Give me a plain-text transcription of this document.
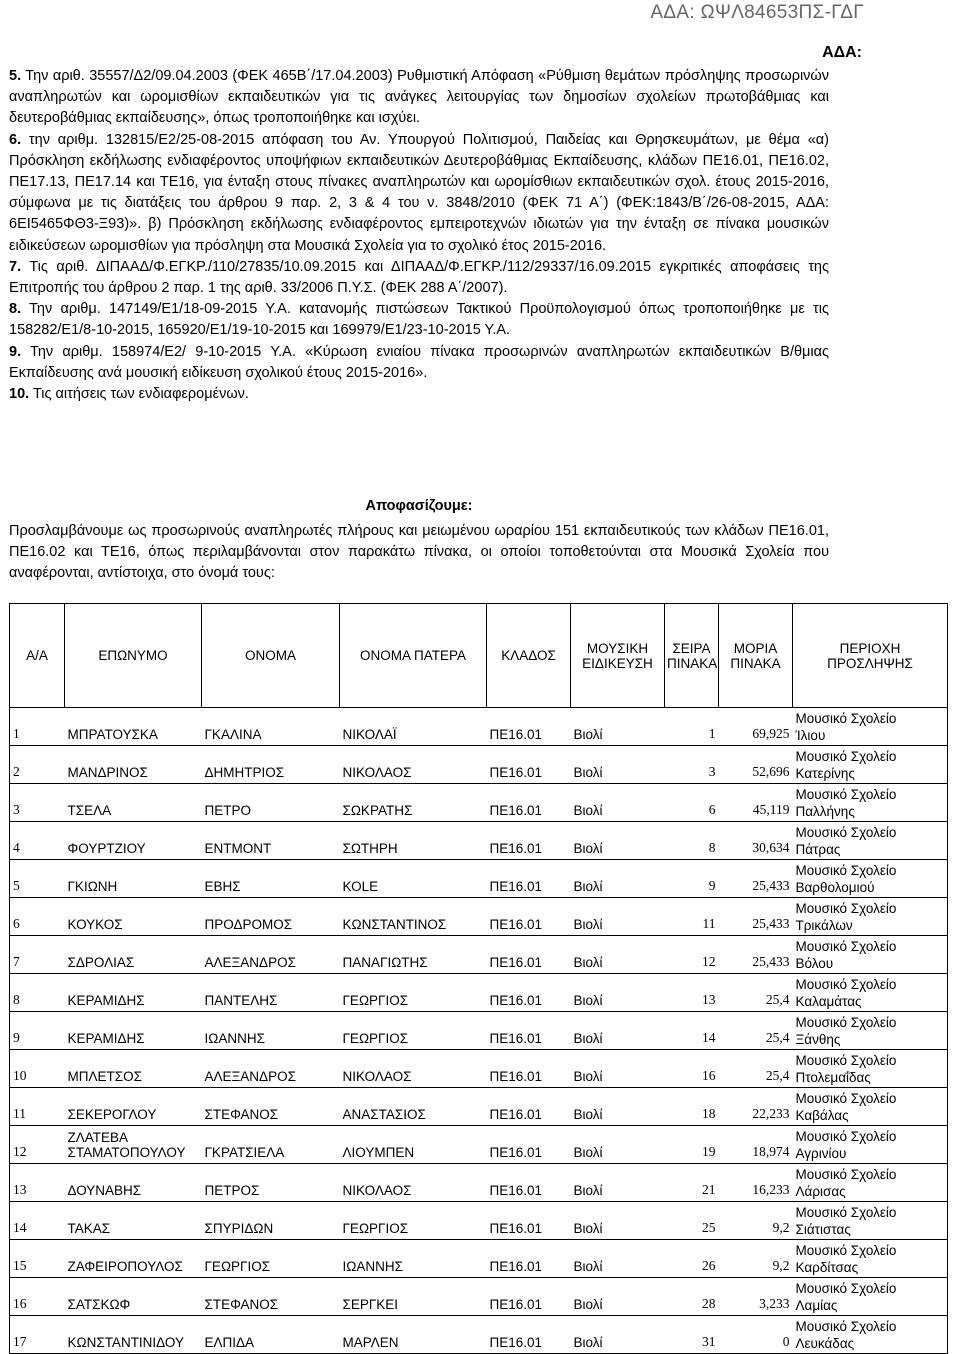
ΑΔΑ: ΩΨΛ84653ΠΣ-ΓΔΓ
ΑΔΑ:

5. Την αριθ. 35557/Δ2/09.04.2003 (ΦΕΚ 465Β΄/17.04.2003) Ρυθμιστική Απόφαση «Ρύθμιση θεμάτων πρόσληψης προσωρινών αναπληρωτών και ωρομισθίων εκπαιδευτικών για τις ανάγκες λειτουργίας των δημοσίων σχολείων πρωτοβάθμιας και δευτεροβάθμιας εκπαίδευσης», όπως τροποποιήθηκε και ισχύει.

6. την αριθμ. 132815/Ε2/25-08-2015 απόφαση του Αν. Υπουργού Πολιτισμού, Παιδείας και Θρησκευμάτων, με θέμα «α) Πρόσκληση εκδήλωσης ενδιαφέροντος υποψήφιων εκπαιδευτικών Δευτεροβάθμιας Εκπαίδευσης, κλάδων ΠΕ16.01, ΠΕ16.02, ΠΕ17.13, ΠΕ17.14 και ΤΕ16, για ένταξη στους πίνακες αναπληρωτών και ωρομίσθιων εκπαιδευτικών σχολ. έτους 2015-2016, σύμφωνα με τις διατάξεις του άρθρου 9 παρ. 2, 3 & 4 του ν. 3848/2010 (ΦΕΚ 71 Α΄) (ΦΕΚ:1843/Β΄/26-08-2015, ΑΔΑ: 6ΕΙ5465ΦΘ3-Ξ93)». β) Πρόσκληση εκδήλωσης ενδιαφέροντος εμπειροτεχνών ιδιωτών για την ένταξη σε πίνακα μουσικών ειδικεύσεων ωρομισθίων για πρόσληψη στα Μουσικά Σχολεία για το σχολικό έτος 2015-2016.

7. Τις αριθ. ΔΙΠΑΑΔ/Φ.ΕΓΚΡ./110/27835/10.09.2015 και ΔΙΠΑΑΔ/Φ.ΕΓΚΡ./112/29337/16.09.2015 εγκριτικές αποφάσεις της Επιτροπής του άρθρου 2 παρ. 1 της αριθ. 33/2006 Π.Υ.Σ. (ΦΕΚ 288 Α΄/2007).

8. Την αριθμ. 147149/Ε1/18-09-2015 Υ.Α. κατανομής πιστώσεων Τακτικού Προϋπολογισμού όπως τροποποιήθηκε με τις 158282/Ε1/8-10-2015, 165920/Ε1/19-10-2015 και 169979/Ε1/23-10-2015 Υ.Α.

9. Την αριθμ. 158974/Ε2/ 9-10-2015 Υ.Α. «Κύρωση ενιαίου πίνακα προσωρινών αναπληρωτών εκπαιδευτικών Β/θμιας Εκπαίδευσης ανά μουσική ειδίκευση σχολικού έτους 2015-2016».

10. Τις αιτήσεις των ενδιαφερομένων.

Αποφασίζουμε:

Προσλαμβάνουμε ως προσωρινούς αναπληρωτές πλήρους και μειωμένου ωραρίου 151 εκπαιδευτικούς των κλάδων ΠΕ16.01, ΠΕ16.02 και ΤΕ16, όπως περιλαμβάνονται στον παρακάτω πίνακα, οι οποίοι τοποθετούνται στα Μουσικά Σχολεία που αναφέρονται, αντίστοιχα, στο όνομά τους:

Α/Α	ΕΠΩΝΥΜΟ	ΟΝΟΜΑ	ΟΝΟΜΑ ΠΑΤΕΡΑ	ΚΛΑΔΟΣ	ΜΟΥΣΙΚΗ ΕΙΔΙΚΕΥΣΗ	ΣΕΙΡΑ ΠΙΝΑΚΑ	ΜΟΡΙΑ ΠΙΝΑΚΑ	ΠΕΡΙΟΧΗ ΠΡΟΣΛΗΨΗΣ
1	ΜΠΡΑΤΟΥΣΚΑ	ΓΚΑΛΙΝΑ	ΝΙΚΟΛΑΪ	ΠΕ16.01	Βιολί	1	69,925	Μουσικό Σχολείο
Ίλιου

2	ΜΑΝΔΡΙΝΟΣ	ΔΗΜΗΤΡΙΟΣ	ΝΙΚΟΛΑΟΣ	ΠΕ16.01	Βιολί	3	52,696	Μουσικό Σχολείο
Κατερίνης

3	ΤΣΕΛΑ	ΠΕΤΡΟ	ΣΩΚΡΑΤΗΣ	ΠΕ16.01	Βιολί	6	45,119	Μουσικό Σχολείο
Παλλήνης

4	ΦΟΥΡΤΖΙΟΥ	ΕΝΤΜΟΝΤ	ΣΩΤΗΡΗ	ΠΕ16.01	Βιολί	8	30,634	Μουσικό Σχολείο
Πάτρας

5	ΓΚΙΩΝΗ	ΕΒΗΣ	ΚΟLΕ	ΠΕ16.01	Βιολί	9	25,433	Μουσικό Σχολείο
Βαρθολομιού

6	ΚΟΥΚΟΣ	ΠΡΟΔΡΟΜΟΣ	ΚΩΝΣΤΑΝΤΙΝΟΣ	ΠΕ16.01	Βιολί	11	25,433	Μουσικό Σχολείο
Τρικάλων

7	ΣΔΡΟΛΙΑΣ	ΑΛΕΞΑΝΔΡΟΣ	ΠΑΝΑΓΙΩΤΗΣ	ΠΕ16.01	Βιολί	12	25,433	Μουσικό Σχολείο
Βόλου

8	ΚΕΡΑΜΙΔΗΣ	ΠΑΝΤΕΛΗΣ	ΓΕΩΡΓΙΟΣ	ΠΕ16.01	Βιολί	13	25,4	Μουσικό Σχολείο
Καλαμάτας

9	ΚΕΡΑΜΙΔΗΣ	ΙΩΑΝΝΗΣ	ΓΕΩΡΓΙΟΣ	ΠΕ16.01	Βιολί	14	25,4	Μουσικό Σχολείο
Ξάνθης

10	ΜΠΛΕΤΣΟΣ	ΑΛΕΞΑΝΔΡΟΣ	ΝΙΚΟΛΑΟΣ	ΠΕ16.01	Βιολί	16	25,4	Μουσικό Σχολείο
Πτολεμαΐδας

11	ΣΕΚΕΡΟΓΛΟΥ	ΣΤΕΦΑΝΟΣ	ΑΝΑΣΤΑΣΙΟΣ	ΠΕ16.01	Βιολί	18	22,233	Μουσικό Σχολείο
Καβάλας

12	ΖΛΑΤΕΒΑ ΣΤΑΜΑΤΟΠΟΥΛΟΥ	ΓΚΡΑΤΣΙΕΛΑ	ΛΙΟΥΜΠΕΝ	ΠΕ16.01	Βιολί	19	18,974	Μουσικό Σχολείο
Αγρινίου

13	ΔΟΥΝΑΒΗΣ	ΠΕΤΡΟΣ	ΝΙΚΟΛΑΟΣ	ΠΕ16.01	Βιολί	21	16,233	Μουσικό Σχολείο
Λάρισας

14	ΤΑΚΑΣ	ΣΠΥΡΙΔΩΝ	ΓΕΩΡΓΙΟΣ	ΠΕ16.01	Βιολί	25	9,2	Μουσικό Σχολείο
Σιάτιστας

15	ΖΑΦΕΙΡΟΠΟΥΛΟΣ	ΓΕΩΡΓΙΟΣ	ΙΩΑΝΝΗΣ	ΠΕ16.01	Βιολί	26	9,2	Μουσικό Σχολείο
Καρδίτσας

16	ΣΑΤΣΚΩΦ	ΣΤΕΦΑΝΟΣ	ΣΕΡΓΚΕΙ	ΠΕ16.01	Βιολί	28	3,233	Μουσικό Σχολείο
Λαμίας

17	ΚΩΝΣΤΑΝΤΙΝΙΔΟΥ	ΕΛΠΙΔΑ	ΜΑΡΛΕΝ	ΠΕ16.01	Βιολί	31	0	Μουσικό Σχολείο
Λευκάδας
